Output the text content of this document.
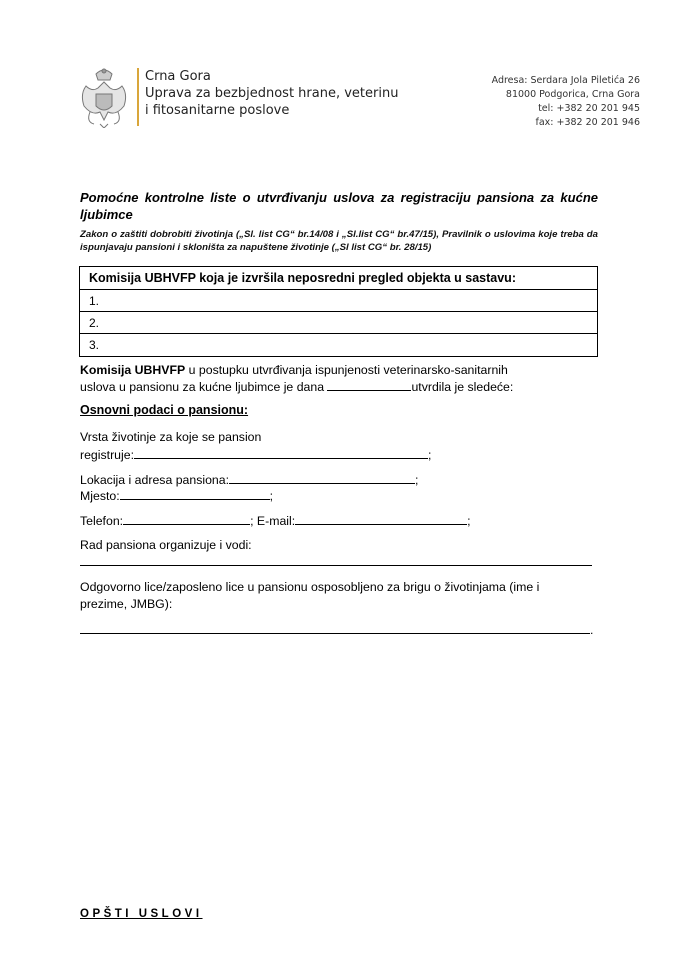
Crna Gora
Uprava za bezbjednost hrane, veterinu
i fitosanitarne poslove
Adresa: Serdara Jola Piletića 26
81000 Podgorica, Crna Gora
tel: +382 20 201 945
fax: +382 20 201 946
Pomoćne kontrolne liste o utvrđivanju uslova za registraciju pansiona za kućne ljubimce
Zakon o zaštiti dobrobiti životinja („Sl. list CG“ br.14/08 i „Sl.list CG“ br.47/15), Pravilnik o uslovima koje treba da ispunjavaju pansioni i skloništa za napuštene životinje („Sl list CG“ br. 28/15)
Komisija UBHVFP koja je izvršila neposredni pregled objekta u sastavu:
1.
2.
3.
Komisija UBHVFP u postupku utvrđivanja ispunjenosti veterinarsko-sanitarnih
uslova u pansionu za kućne ljubimce je dana	utvrdila je sledeće:
Osnovni podaci o pansionu:
Vrsta životinje za koje se pansion
registruje:	;
Lokacija i adresa pansiona:	;
Mjesto:	;
Telefon:	; E-mail:	;
Rad pansiona organizuje i vodi:
Odgovorno lice/zaposleno lice u pansionu osposobljeno za brigu o životinjama (ime i
prezime, JMBG):
.
OPŠTI USLOVI
